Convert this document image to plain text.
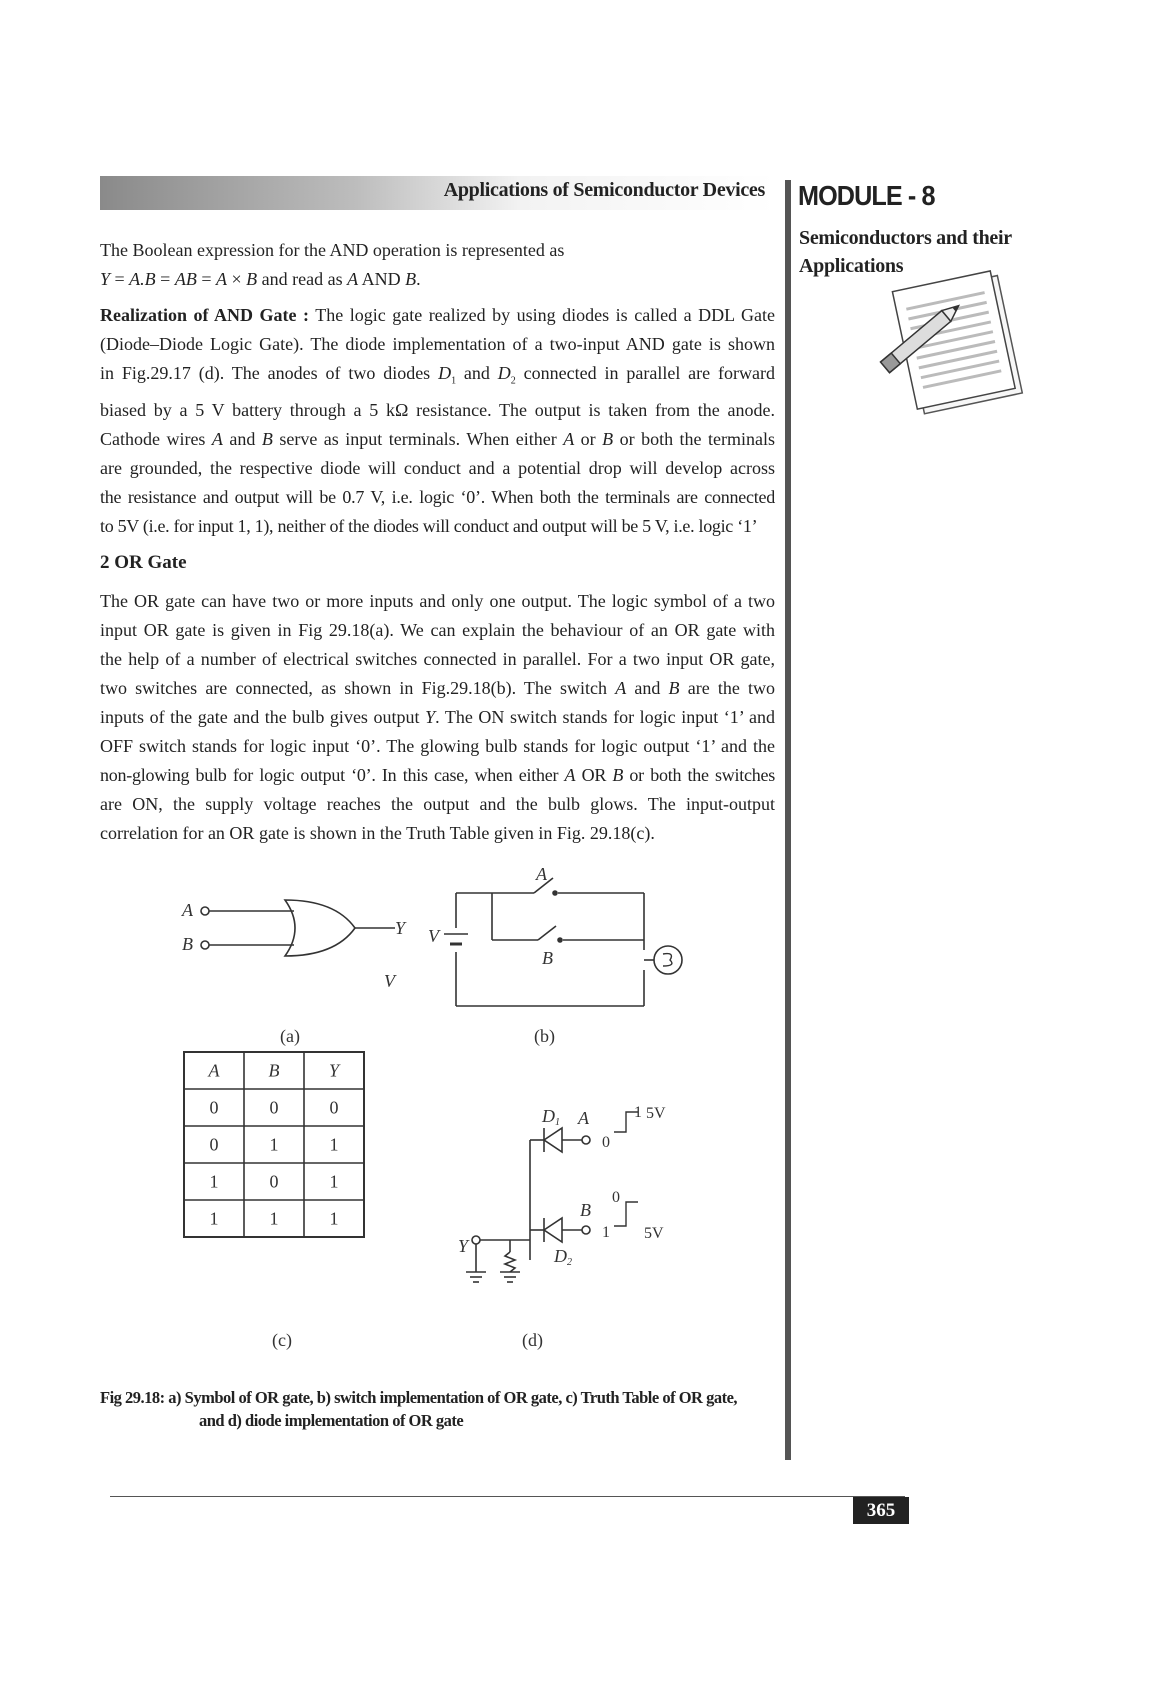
Applications of Semiconductor Devices MODULE - 8
Semiconductors and their
Applications

The Boolean expression for the AND operation is represented as
Y = A.B = AB = A × B and read as A AND B.

Realization of AND Gate : The logic gate realized by using diodes is called a DDL Gate
(Diode–Diode Logic Gate). The diode implementation of a two-input AND gate is shown
in Fig.29.17 (d). The anodes of two diodes $D_1$ and $D_2$ connected in parallel are forward
biased by a 5 V battery through a 5 kΩ resistance. The output is taken from the anode.
Cathode wires A and B serve as input terminals. When either A or B or both the terminals
are grounded, the respective diode will conduct and a potential drop will develop across
the resistance and output will be 0.7 V, i.e. logic ‘0’. When both the terminals are connected
to 5V (i.e. for input 1, 1), neither of the diodes will conduct and output will be 5 V, i.e. logic ‘1’

2 OR Gate

The OR gate can have two or more inputs and only one output. The logic symbol of a two
input OR gate is given in Fig 29.18(a). We can explain the behaviour of an OR gate with
the help of a number of electrical switches connected in parallel. For a two input OR gate,
two switches are connected, as shown in Fig.29.18(b). The switch A and B are the two
inputs of the gate and the bulb gives output Y. The ON switch stands for logic input ‘1’ and
OFF switch stands for logic input ‘0’. The glowing bulb stands for logic output ‘1’ and the
non-glowing bulb for logic output ‘0’. In this case, when either A OR B or both the switches
are ON, the supply voltage reaches the output and the bulb glows. The input-output
correlation for an OR gate is shown in the Truth Table given in Fig. 29.18(c).

A
B
Y
V
(a)
A
B
V
(b)
A	B	Y
0	0	0
0	1	1
1	0	1
1	1	1
(c)
D1 A
0
1 5V
B
D2
0
1 5V
Y
(d)
Fig 29.18: a) Symbol of OR gate, b) switch implementation of OR gate, c) Truth Table of OR gate,
and d) diode implementation of OR gate
365
